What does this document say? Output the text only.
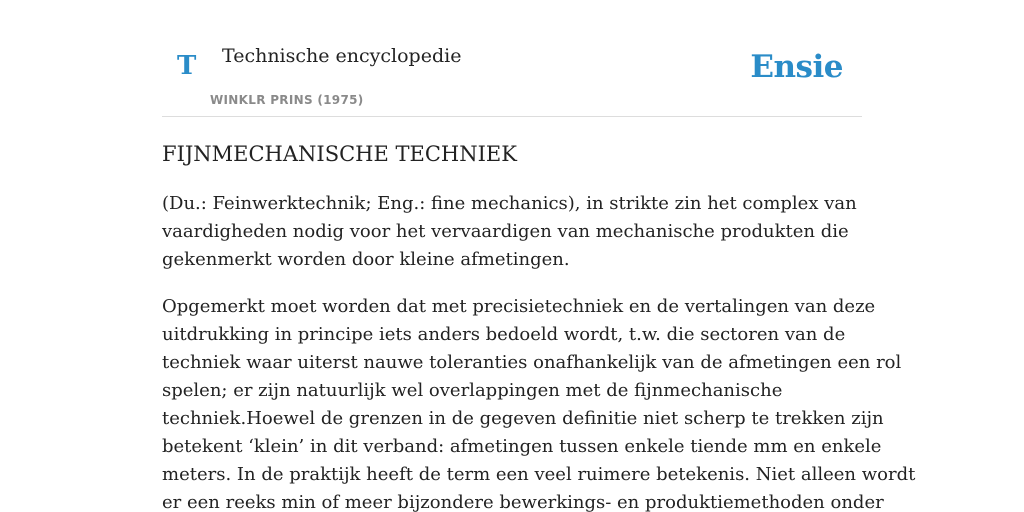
T Technische encyclopedie
WINKLR PRINS (1975)
Ensie
FIJNMECHANISCHE TECHNIEK

(Du.: Feinwerktechnik; Eng.: fine mechanics), in strikte zin het complex van
vaardigheden nodig voor het vervaardigen van mechanische produkten die
gekenmerkt worden door kleine afmetingen.

Opgemerkt moet worden dat met precisietechniek en de vertalingen van deze
uitdrukking in principe iets anders bedoeld wordt, t.w. die sectoren van de
techniek waar uiterst nauwe toleranties onafhankelijk van de afmetingen een rol
spelen; er zijn natuurlijk wel overlappingen met de fijnmechanische
techniek.Hoewel de grenzen in de gegeven definitie niet scherp te trekken zijn
betekent ‘klein’ in dit verband: afmetingen tussen enkele tiende mm en enkele
meters. In de praktijk heeft de term een veel ruimere betekenis. Niet alleen wordt
er een reeks min of meer bijzondere bewerkings- en produktiemethoden onder
